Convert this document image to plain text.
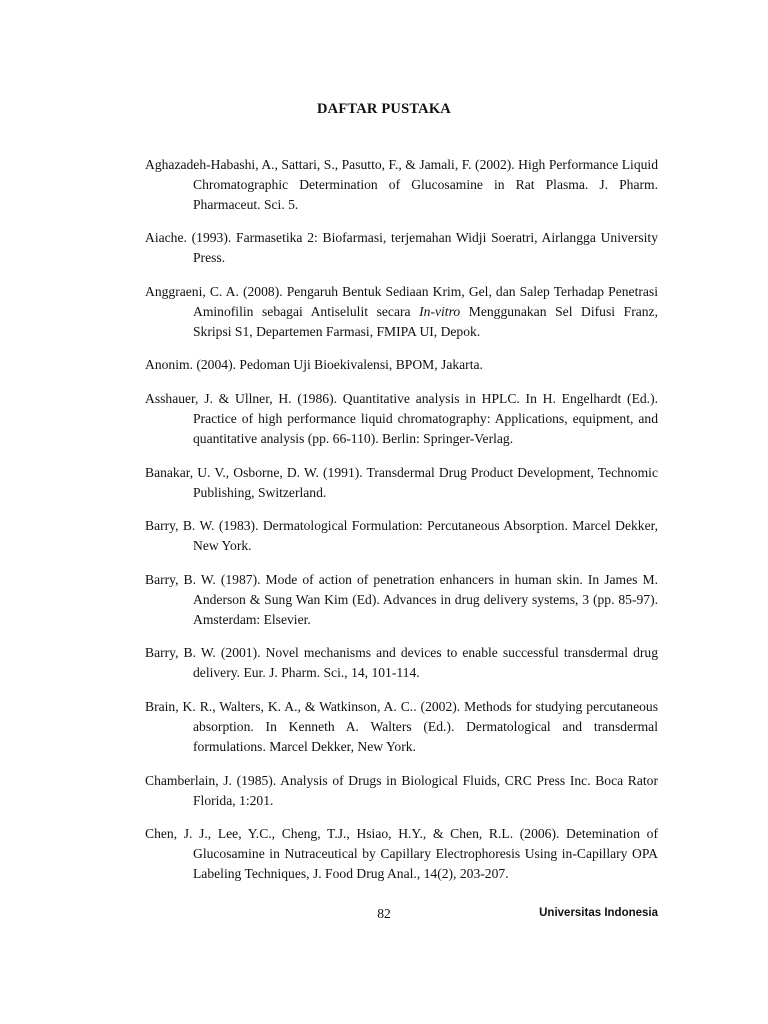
DAFTAR PUSTAKA

Aghazadeh-Habashi, A., Sattari, S., Pasutto, F., & Jamali, F. (2002). High Performance Liquid Chromatographic Determination of Glucosamine in Rat Plasma. J. Pharm. Pharmaceut. Sci. 5.

Aiache. (1993). Farmasetika 2: Biofarmasi, terjemahan Widji Soeratri, Airlangga University Press.

Anggraeni, C. A. (2008). Pengaruh Bentuk Sediaan Krim, Gel, dan Salep Terhadap Penetrasi Aminofilin sebagai Antiselulit secara In-vitro Menggunakan Sel Difusi Franz, Skripsi S1, Departemen Farmasi, FMIPA UI, Depok.

Anonim. (2004). Pedoman Uji Bioekivalensi, BPOM, Jakarta.

Asshauer, J. & Ullner, H. (1986). Quantitative analysis in HPLC. In H. Engelhardt (Ed.). Practice of high performance liquid chromatography: Applications, equipment, and quantitative analysis (pp. 66-110). Berlin: Springer-Verlag.

Banakar, U. V., Osborne, D. W. (1991). Transdermal Drug Product Development, Technomic Publishing, Switzerland.

Barry, B. W. (1983). Dermatological Formulation: Percutaneous Absorption. Marcel Dekker, New York.

Barry, B. W. (1987). Mode of action of penetration enhancers in human skin. In James M. Anderson & Sung Wan Kim (Ed). Advances in drug delivery systems, 3 (pp. 85-97). Amsterdam: Elsevier.

Barry, B. W. (2001). Novel mechanisms and devices to enable successful transdermal drug delivery. Eur. J. Pharm. Sci., 14, 101-114.

Brain, K. R., Walters, K. A., & Watkinson, A. C.. (2002). Methods for studying percutaneous absorption. In Kenneth A. Walters (Ed.). Dermatological and transdermal formulations. Marcel Dekker, New York.

Chamberlain, J. (1985). Analysis of Drugs in Biological Fluids, CRC Press Inc. Boca Rator Florida, 1:201.

Chen, J. J., Lee, Y.C., Cheng, T.J., Hsiao, H.Y., & Chen, R.L. (2006). Detemination of Glucosamine in Nutraceutical by Capillary Electrophoresis Using in-Capillary OPA Labeling Techniques, J. Food Drug Anal., 14(2), 203-207.

82	Universitas Indonesia
